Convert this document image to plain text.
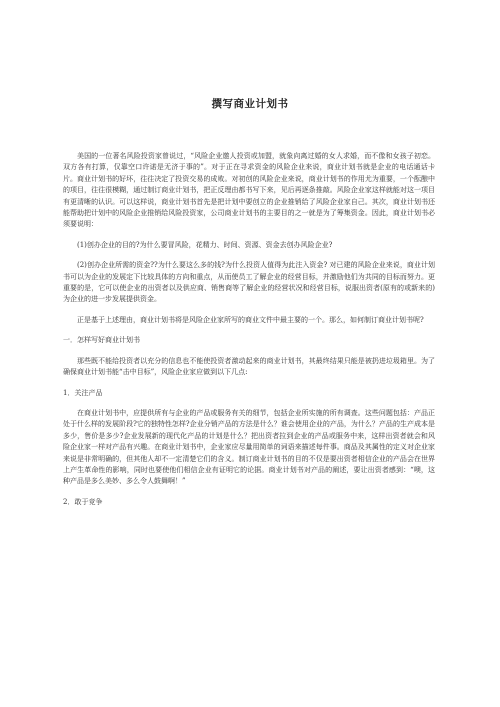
撰写商业计划书

美国的一位著名风险投资家曾说过，“风险企业邀人投资或加盟，就象向离过婚的女人求婚，而不像和女孩子初恋。双方各有打算，仅靠空口许诺是无济于事的”。对于正在寻求资金的风险企业来说，商业计划书就是企业的电话通话卡片。商业计划书的好坏，往往决定了投资交易的成败。对初创的风险企业来说，商业计划书的作用尤为重要，一个酝酿中的项目，往往很模糊，通过制订商业计划书，把正反理由都书写下来，见后再逐条推敲。风险企业家这样就能对这一项目有更清晰的认识。可以这样说，商业计划书首先是把计划中要创立的企业推销给了风险企业家自己。其次，商业计划书还能帮助把计划中的风险企业推销给风险投资家，公司商业计划书的主要目的之一就是为了筹集资金。因此，商业计划书必须要说明：

(1)创办企业的目的?为什么要冒风险，花精力、时间、资源、资金去创办风险企业?

(2)创办企业所需的资金??为什么要这么多的钱?为什么投资人值得为此注入资金? 对已建的风险企业来说，商业计划书可以为企业的发展定下比较具体的方向和重点，从而使员工了解企业的经营目标，并激励他们为共同的目标而努力。更重要的是，它可以使企业的出资者以及供应商、销售商等了解企业的经营状况和经营目标，说服出资者(原有的或新来的)为企业的进一步发展提供资金。

正是基于上述理由，商业计划书将是风险企业家所写的商业文件中最主要的一个。那么，如何制订商业计划书呢?

一．怎样写好商业计划书

那些既不能给投资者以充分的信息也不能使投资者激动起来的商业计划书，其最终结果只能是被扔进垃圾箱里。为了确保商业计划书能“击中目标”，风险企业家应做到以下几点:

1．关注产品

在商业计划书中，应提供所有与企业的产品或服务有关的细节，包括企业所实施的所有调查。这些问题包括：产品正处于什么样的发展阶段?它的独特性怎样?企业分销产品的方法是什么？谁会使用企业的产品，为什么？产品的生产成本是多少，售价是多少?企业发展新的现代化产品的计划是什么？把出资者拉到企业的产品或服务中来，这样出资者就会和风险企业家一样对产品有兴趣。在商业计划书中，企业家应尽量用简单的词语来描述每件事。商品及其属性的定义对企业家来说是非常明确的，但其他人却不一定清楚它们的含义。制订商业计划书的目的不仅是要出资者相信企业的产品会在世界上产生革命性的影响，同时也要使他们相信企业有证明它的论据。商业计划书对产品的阐述，要让出资者感到：“噢，这种产品是多么美妙、多么令人鼓舞啊！”

2．敢于竞争
